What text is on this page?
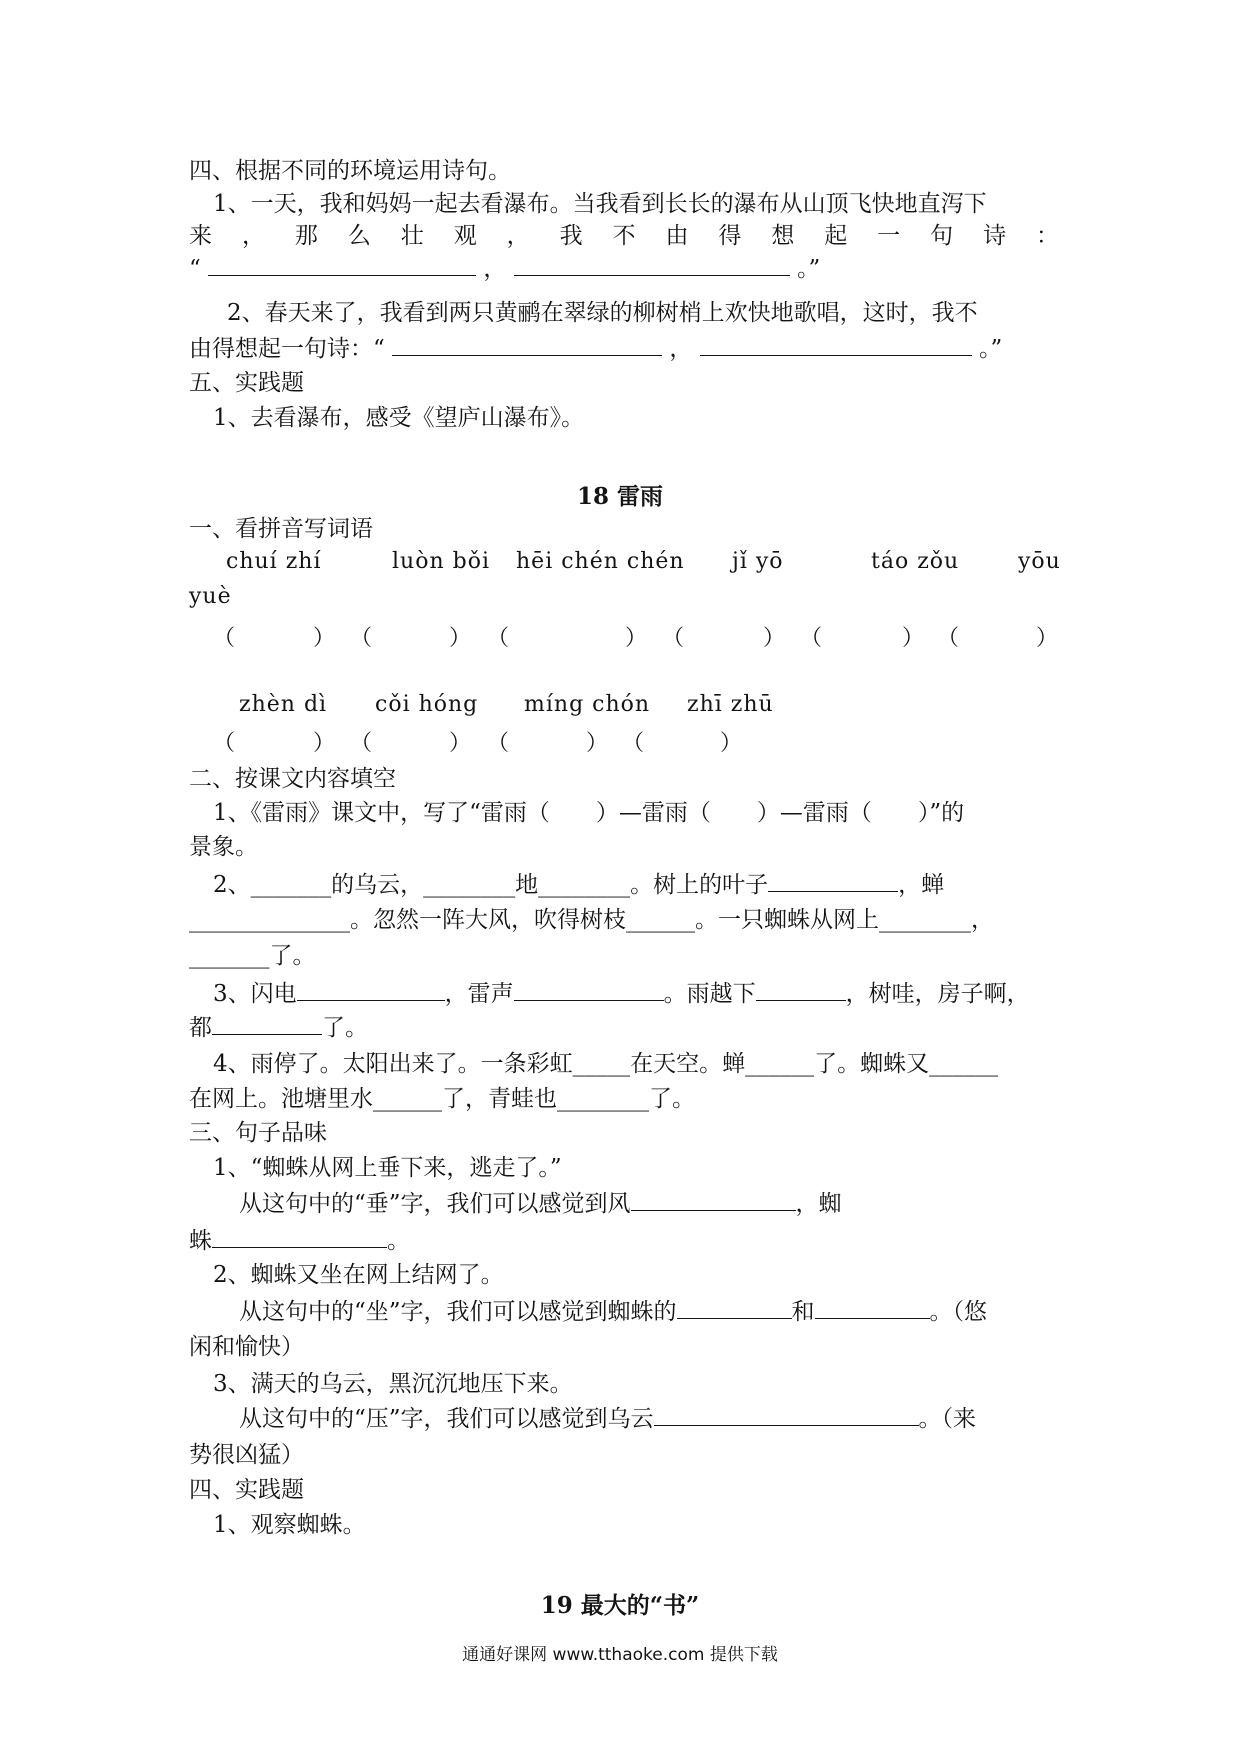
四、根据不同的环境运用诗句。
1、一天，我和妈妈一起去看瀑布。当我看到长长的瀑布从山顶飞快地直泻下
来 ， 那 么 壮 观 ， 我 不 由 得 想 起 一 句 诗 ：
“	，	。”
2、春天来了，我看到两只黄鹂在翠绿的柳树梢上欢快地歌唱，这时，我不
由得想起一句诗：“	，	。”
五、实践题
1、去看瀑布，感受《望庐山瀑布》。
18 雷雨
一、看拼音写词语
chuí zhí	luòn bǒi hēi chén chén jǐ yō	táo zǒu	yōu
yuè
（	） （	） （	） （	） （	） （	）
zhèn dì cǒi hóng míng chón zhī zhū
（	） （	） （	） （	）
二、按课文内容填空
1、《雷雨》课文中，写了“雷雨（　　）—雷雨（　　）—雷雨（　　）”的
景象。
2、_______的乌云，________地________。树上的叶子	，蝉
______________。忽然一阵大风，吹得树枝______。一只蜘蛛从网上________，
_______了。
3、闪电	，雷声	。雨越下	，树哇，房子啊，
都	了。
4、雨停了。太阳出来了。一条彩虹_____在天空。蝉______了。蜘蛛又______
在网上。池塘里水______了，青蛙也________了。
三、句子品味
1、“蜘蛛从网上垂下来，逃走了。”
从这句中的“垂”字，我们可以感觉到风	，蜘
蛛	。
2、蜘蛛又坐在网上结网了。
从这句中的“坐”字，我们可以感觉到蜘蛛的	和	。（悠
闲和愉快）
3、满天的乌云，黑沉沉地压下来。
从这句中的“压”字，我们可以感觉到乌云	。（来
势很凶猛）
四、实践题
1、观察蜘蛛。
19 最大的“书”
通通好课网 www.tthaoke.com 提供下载
